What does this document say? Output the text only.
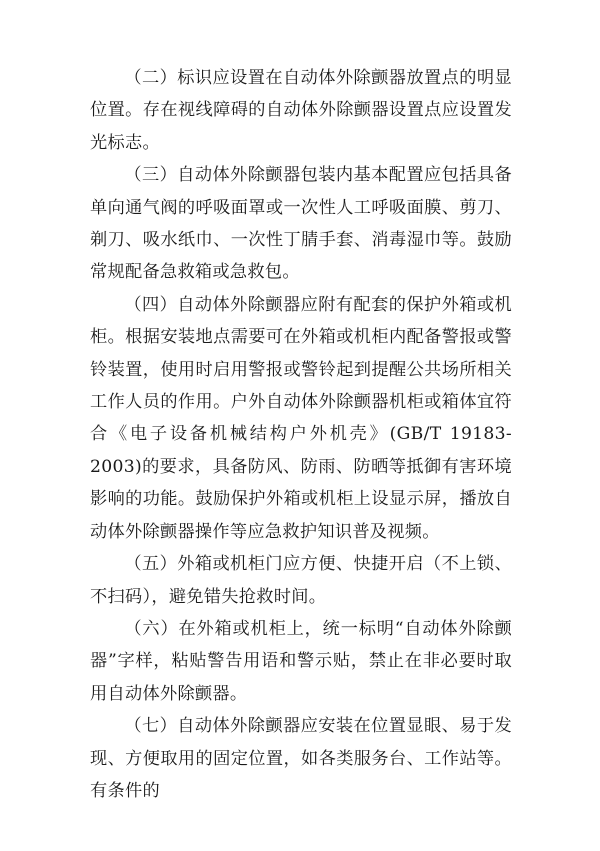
（二）标识应设置在自动体外除颤器放置点的明显位置。存在视线障碍的自动体外除颤器设置点应设置发光标志。

（三）自动体外除颤器包装内基本配置应包括具备单向通气阀的呼吸面罩或一次性人工呼吸面膜、剪刀、剃刀、吸水纸巾、一次性丁腈手套、消毒湿巾等。鼓励常规配备急救箱或急救包。

（四）自动体外除颤器应附有配套的保护外箱或机柜。根据安装地点需要可在外箱或机柜内配备警报或警铃装置，使用时启用警报或警铃起到提醒公共场所相关工作人员的作用。户外自动体外除颤器机柜或箱体宜符合《电子设备机械结构户外机壳》(GB/T 19183-2003)的要求，具备防风、防雨、防晒等抵御有害环境影响的功能。鼓励保护外箱或机柜上设显示屏，播放自动体外除颤器操作等应急救护知识普及视频。

（五）外箱或机柜门应方便、快捷开启（不上锁、不扫码），避免错失抢救时间。

（六）在外箱或机柜上，统一标明“自动体外除颤器”字样，粘贴警告用语和警示贴，禁止在非必要时取用自动体外除颤器。

（七）自动体外除颤器应安装在位置显眼、易于发现、方便取用的固定位置，如各类服务台、工作站等。有条件的
